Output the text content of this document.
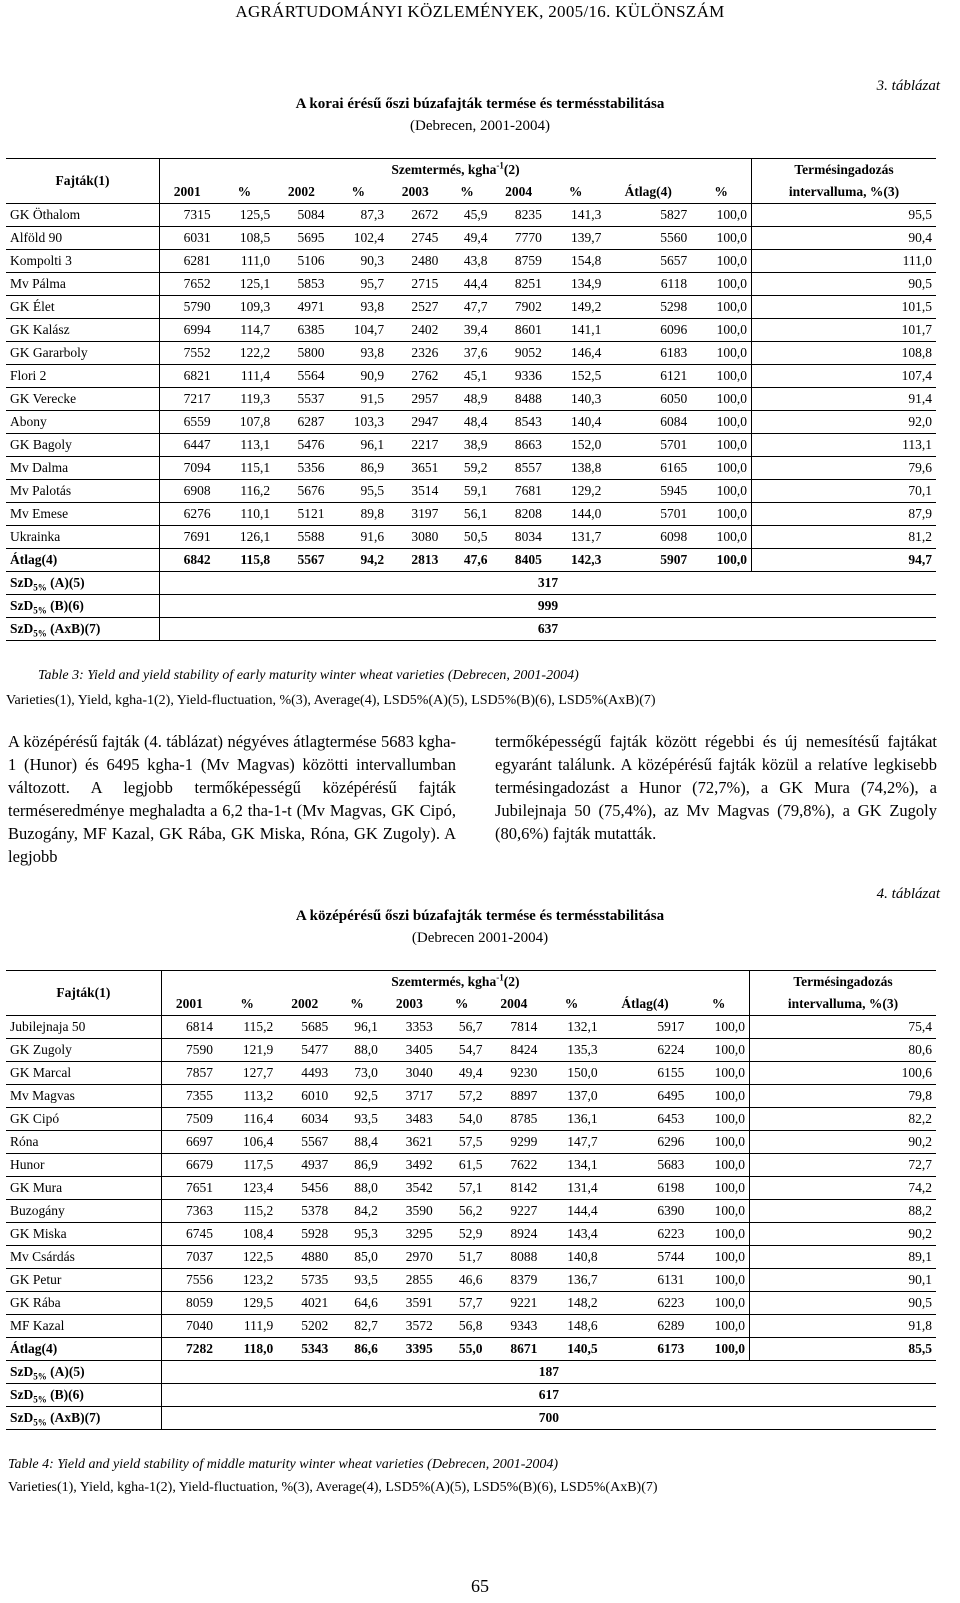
AGRÁRTUDOMÁNYI KÖZLEMÉNYEK, 2005/16. KÜLÖNSZÁM
3. táblázat
A korai érésű őszi búzafajták termése és termésstabilitása
(Debrecen, 2001-2004)
Fajták(1)	Szemtermés, kgha$^{-1}$(2)										Termésingadozás
	2001	%	2002	%	2003	%	2004	%	Átlag(4)	%	intervalluma, %(3)
GK Öthalom	7315	125,5	5084	87,3	2672	45,9	8235	141,3	5827	100,0	95,5
Alföld 90	6031	108,5	5695	102,4	2745	49,4	7770	139,7	5560	100,0	90,4
Kompolti 3	6281	111,0	5106	90,3	2480	43,8	8759	154,8	5657	100,0	111,0
Mv Pálma	7652	125,1	5853	95,7	2715	44,4	8251	134,9	6118	100,0	90,5
GK Élet	5790	109,3	4971	93,8	2527	47,7	7902	149,2	5298	100,0	101,5
GK Kalász	6994	114,7	6385	104,7	2402	39,4	8601	141,1	6096	100,0	101,7
GK Gararboly	7552	122,2	5800	93,8	2326	37,6	9052	146,4	6183	100,0	108,8
Flori 2	6821	111,4	5564	90,9	2762	45,1	9336	152,5	6121	100,0	107,4
GK Verecke	7217	119,3	5537	91,5	2957	48,9	8488	140,3	6050	100,0	91,4
Abony	6559	107,8	6287	103,3	2947	48,4	8543	140,4	6084	100,0	92,0
GK Bagoly	6447	113,1	5476	96,1	2217	38,9	8663	152,0	5701	100,0	113,1
Mv Dalma	7094	115,1	5356	86,9	3651	59,2	8557	138,8	6165	100,0	79,6
Mv Palotás	6908	116,2	5676	95,5	3514	59,1	7681	129,2	5945	100,0	70,1
Mv Emese	6276	110,1	5121	89,8	3197	56,1	8208	144,0	5701	100,0	87,9
Ukrainka	7691	126,1	5588	91,6	3080	50,5	8034	131,7	6098	100,0	81,2
Átlag(4)	6842	115,8	5567	94,2	2813	47,6	8405	142,3	5907	100,0	94,7
SzD$_{5\%}$ (A)(5)	317										
SzD$_{5\%}$ (B)(6)	999										
SzD$_{5\%}$ (AxB)(7)	637										
Table 3: Yield and yield stability of early maturity winter wheat varieties (Debrecen, 2001-2004)
Varieties(1), Yield, kgha-1(2), Yield-fluctuation, %(3), Average(4), LSD5%(A)(5), LSD5%(B)(6), LSD5%(AxB)(7)
A középérésű fajták (4. táblázat) négyéves átlagtermése 5683 kgha-1 (Hunor) és 6495 kgha-1 (Mv Magvas) közötti intervallumban változott. A legjobb termőképességű középérésű fajták terméseredménye meghaladta a 6,2 tha-1-t (Mv Magvas, GK Cipó, Buzogány, MF Kazal, GK Rába, GK Miska, Róna, GK Zugoly). A legjobb
termőképességű fajták között régebbi és új nemesítésű fajtákat egyaránt találunk. A középérésű fajták közül a relatíve legkisebb termésingadozást a Hunor (72,7%), a GK Mura (74,2%), a Jubilejnaja 50 (75,4%), az Mv Magvas (79,8%), a GK Zugoly (80,6%) fajták mutatták.
4. táblázat
A középérésű őszi búzafajták termése és termésstabilitása
(Debrecen 2001-2004)
Fajták(1)	Szemtermés, kgha$^{-1}$(2)										Termésingadozás
	2001	%	2002	%	2003	%	2004	%	Átlag(4)	%	intervalluma, %(3)
Jubilejnaja 50	6814	115,2	5685	96,1	3353	56,7	7814	132,1	5917	100,0	75,4
GK Zugoly	7590	121,9	5477	88,0	3405	54,7	8424	135,3	6224	100,0	80,6
GK Marcal	7857	127,7	4493	73,0	3040	49,4	9230	150,0	6155	100,0	100,6
Mv Magvas	7355	113,2	6010	92,5	3717	57,2	8897	137,0	6495	100,0	79,8
GK Cipó	7509	116,4	6034	93,5	3483	54,0	8785	136,1	6453	100,0	82,2
Róna	6697	106,4	5567	88,4	3621	57,5	9299	147,7	6296	100,0	90,2
Hunor	6679	117,5	4937	86,9	3492	61,5	7622	134,1	5683	100,0	72,7
GK Mura	7651	123,4	5456	88,0	3542	57,1	8142	131,4	6198	100,0	74,2
Buzogány	7363	115,2	5378	84,2	3590	56,2	9227	144,4	6390	100,0	88,2
GK Miska	6745	108,4	5928	95,3	3295	52,9	8924	143,4	6223	100,0	90,2
Mv Csárdás	7037	122,5	4880	85,0	2970	51,7	8088	140,8	5744	100,0	89,1
GK Petur	7556	123,2	5735	93,5	2855	46,6	8379	136,7	6131	100,0	90,1
GK Rába	8059	129,5	4021	64,6	3591	57,7	9221	148,2	6223	100,0	90,5
MF Kazal	7040	111,9	5202	82,7	3572	56,8	9343	148,6	6289	100,0	91,8
Átlag(4)	7282	118,0	5343	86,6	3395	55,0	8671	140,5	6173	100,0	85,5
SzD$_{5\%}$ (A)(5)	187										
SzD$_{5\%}$ (B)(6)	617										
SzD$_{5\%}$ (AxB)(7)	700										
Table 4: Yield and yield stability of middle maturity winter wheat varieties (Debrecen, 2001-2004)
Varieties(1), Yield, kgha-1(2), Yield-fluctuation, %(3), Average(4), LSD5%(A)(5), LSD5%(B)(6), LSD5%(AxB)(7)
65
